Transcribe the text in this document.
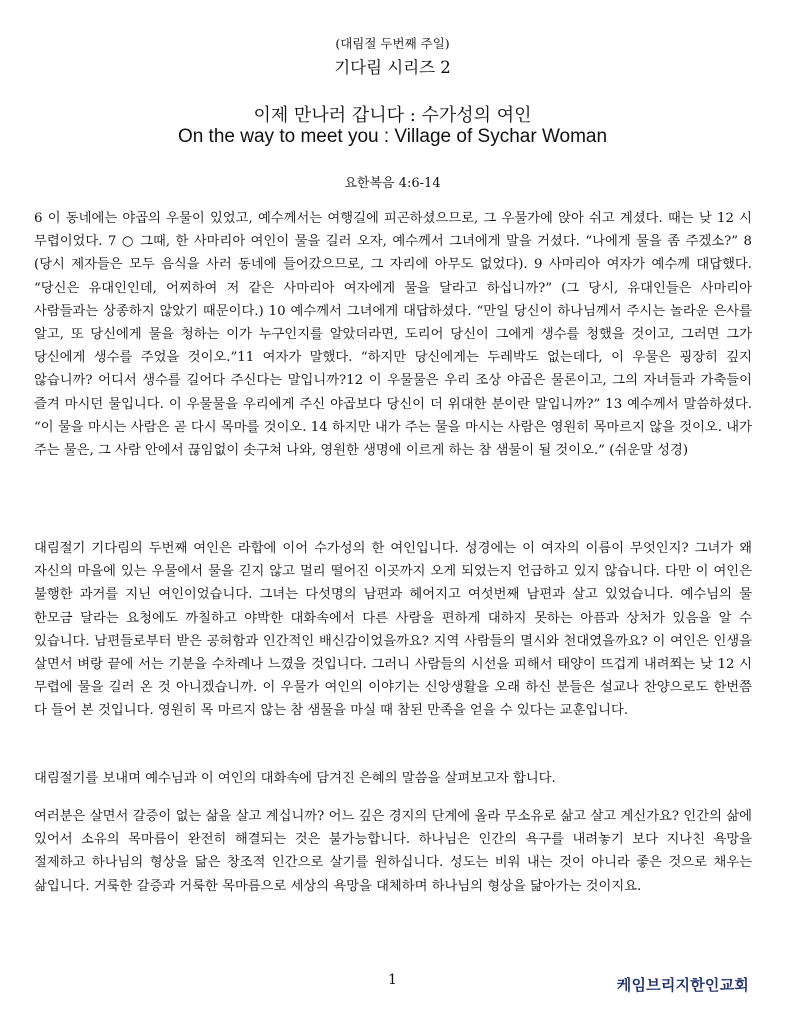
(대림절 두번째 주일)
기다림 시리즈 2
이제 만나러 갑니다 : 수가성의 여인
On the way to meet you : Village of Sychar Woman
요한복음 4:6-14

6 이 동네에는 야곱의 우물이 있었고, 예수께서는 여행길에 피곤하셨으므로, 그 우물가에 앉아 쉬고 계셨다. 때는 낮 12 시 무렵이었다. 7 ○ 그때, 한 사마리아 여인이 물을 길러 오자, 예수께서 그녀에게 말을 거셨다. “나에게 물을 좀 주겠소?” 8 (당시 제자들은 모두 음식을 사러 동네에 들어갔으므로, 그 자리에 아무도 없었다). 9 사마리아 여자가 예수께 대답했다. “당신은 유대인인데, 어찌하여 저 같은 사마리아 여자에게 물을 달라고 하십니까?” (그 당시, 유대인들은 사마리아 사람들과는 상종하지 않았기 때문이다.) 10 예수께서 그녀에게 대답하셨다. “만일 당신이 하나님께서 주시는 놀라운 은사를 알고, 또 당신에게 물을 청하는 이가 누구인지를 알았더라면, 도리어 당신이 그에게 생수를 청했을 것이고, 그러면 그가 당신에게 생수를 주었을 것이오.”11 여자가 말했다. “하지만 당신에게는 두레박도 없는데다, 이 우물은 굉장히 깊지 않습니까? 어디서 생수를 길어다 주신다는 말입니까?12 이 우물물은 우리 조상 야곱은 물론이고, 그의 자녀들과 가축들이 즐겨 마시던 물입니다. 이 우물물을 우리에게 주신 야곱보다 당신이 더 위대한 분이란 말입니까?” 13 예수께서 말씀하셨다. “이 물을 마시는 사람은 곧 다시 목마를 것이오. 14 하지만 내가 주는 물을 마시는 사람은 영원히 목마르지 않을 것이오. 내가 주는 물은, 그 사람 안에서 끊임없이 솟구쳐 나와, 영원한 생명에 이르게 하는 참 샘물이 될 것이오.” (쉬운말 성경)

대림절기 기다림의 두번째 여인은 라합에 이어 수가성의 한 여인입니다. 성경에는 이 여자의 이름이 무엇인지? 그녀가 왜 자신의 마을에 있는 우물에서 물을 긷지 않고 멀리 떨어진 이곳까지 오게 되었는지 언급하고 있지 않습니다. 다만 이 여인은 불행한 과거를 지닌 여인이었습니다. 그녀는 다섯명의 남편과 헤어지고 여섯번째 남편과 살고 있었습니다. 예수님의 물 한모금 달라는 요청에도 까칠하고 야박한 대화속에서 다른 사람을 편하게 대하지 못하는 아픔과 상처가 있음을 알 수 있습니다. 남편들로부터 받은 공허함과 인간적인 배신감이었을까요? 지역 사람들의 멸시와 천대였을까요? 이 여인은 인생을 살면서 벼랑 끝에 서는 기분을 수차례나 느꼈을 것입니다. 그러니 사람들의 시선을 피해서 태양이 뜨겁게 내려쬐는 낮 12 시 무렵에 물을 길러 온 것 아니겠습니까. 이 우물가 여인의 이야기는 신앙생활을 오래 하신 분들은 설교나 찬양으로도 한번쯤 다 들어 본 것입니다. 영원히 목 마르지 않는 참 샘물을 마실 때 참된 만족을 얻을 수 있다는 교훈입니다.

대림절기를 보내며 예수님과 이 여인의 대화속에 담겨진 은혜의 말씀을 살펴보고자 합니다.

여러분은 살면서 갈증이 없는 삶을 살고 계십니까? 어느 깊은 경지의 단계에 올라 무소유로 삶고 살고 계신가요? 인간의 삶에 있어서 소유의 목마름이 완전히 해결되는 것은 불가능합니다. 하나님은 인간의 욕구를 내려놓기 보다 지나친 욕망을 절제하고 하나님의 형상을 닮은 창조적 인간으로 살기를 원하십니다. 성도는 비워 내는 것이 아니라 좋은 것으로 채우는 삶입니다. 거룩한 갈증과 거룩한 목마름으로 세상의 욕망을 대체하며 하나님의 형상을 닮아가는 것이지요.

1	케임브리지한인교회
